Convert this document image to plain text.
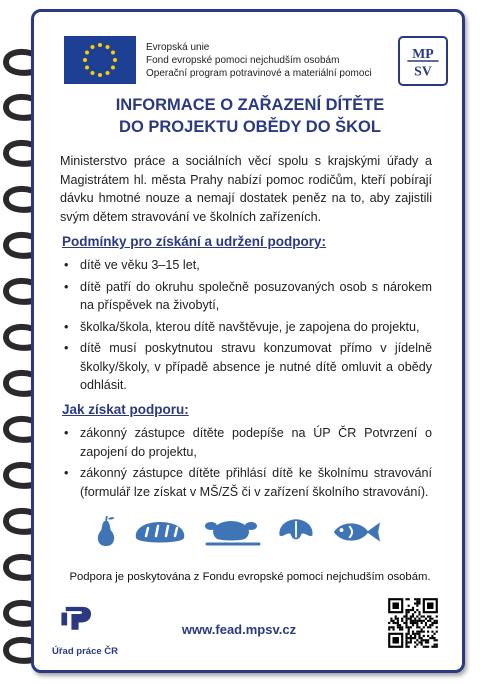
Evropská unie
Fond evropské pomoci nejchudším osobám
Operační program potravinové a materiální pomoci
MP
SV
INFORMACE O ZAŘAZENÍ DÍTĚTE
DO PROJEKTU OBĚDY DO ŠKOL
Ministerstvo práce a sociálních věcí spolu s krajskými úřady a Magistrátem hl. města Prahy nabízí pomoc rodičům, kteří pobírají dávku hmotné nouze a nemají dostatek peněz na to, aby zajistili svým dětem stravování ve školních zařízeních.
Podmínky pro získání a udržení podpory:
• dítě ve věku 3–15 let,
• dítě patří do okruhu společně posuzovaných osob s nárokem na příspěvek na živobytí,
• školka/škola, kterou dítě navštěvuje, je zapojena do projektu,
• dítě musí poskytnutou stravu konzumovat přímo v jídelně školky/školy, v případě absence je nutné dítě omluvit a obědy odhlásit.
Jak získat podporu:
• zákonný zástupce dítěte podepíše na ÚP ČR Potvrzení o zapojení do projektu,
• zákonný zástupce dítěte přihlásí dítě ke školnímu stravování (formulář lze získat v MŠ/ZŠ či v zařízení školního stravování).
Podpora je poskytována z Fondu evropské pomoci nejchudším osobám.
Úřad práce ČR
www.fead.mpsv.cz
